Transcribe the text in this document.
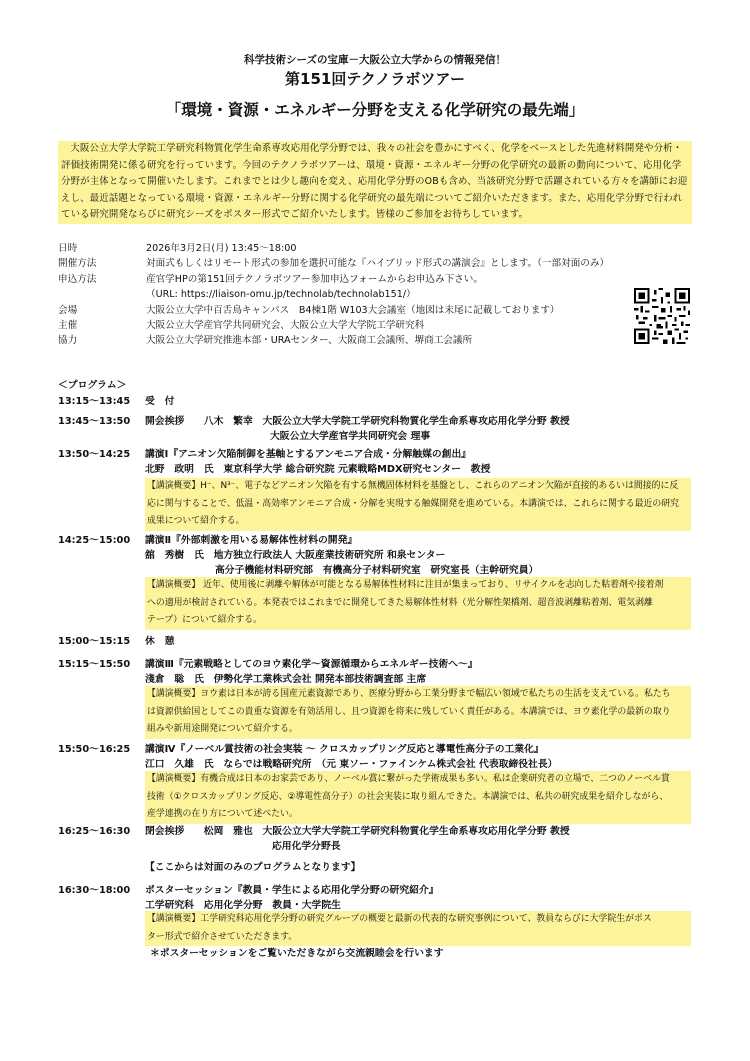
科学技術シーズの宝庫－大阪公立大学からの情報発信！
第151回テクノラボツアー
「環境・資源・エネルギー分野を支える化学研究の最先端」
大阪公立大学大学院工学研究科物質化学生命系専攻応用化学分野では、我々の社会を豊かにすべく、化学をベースとした先進材料開発や分析・評価技術開発に係る研究を行っています。今回のテクノラボツアーは、環境・資源・エネルギー分野の化学研究の最新の動向について、応用化学分野が主体となって開催いたします。これまでとは少し趣向を変え、応用化学分野のOBも含め、当該研究分野で活躍されている方々を講師にお迎えし、最近話題となっている環境・資源・エネルギー分野に関する化学研究の最先端についてご紹介いただきます。また、応用化学分野で行われている研究開発ならびに研究シーズをポスター形式でご紹介いたします。皆様のご参加をお待ちしています。
日時	2026年3月2日(月) 13:45～18:00
開催方法	対面式もしくはリモート形式の参加を選択可能な『ハイブリッド形式の講演会』とします。（一部対面のみ）
申込方法	産官学HPの第151回テクノラボツアー参加申込フォームからお申込み下さい。
（URL: https://liaison-omu.jp/technolab/technolab151/）
会場	大阪公立大学中百舌鳥キャンパス　B4棟1階 W103大会議室（地図は末尾に記載しております）
主催	大阪公立大学産官学共同研究会、大阪公立大学大学院工学研究科
協力	大阪公立大学研究推進本部・URAセンター、大阪商工会議所、堺商工会議所
＜プログラム＞
13:15～13:45 受　付
13:45～13:50 開会挨拶　　八木　繁幸　大阪公立大学大学院工学研究科物質化学生命系専攻応用化学分野 教授
大阪公立大学産官学共同研究会 理事
13:50～14:25 講演Ⅰ『アニオン欠陥制御を基軸とするアンモニア合成・分解触媒の創出』
北野　政明　氏　東京科学大学 総合研究院 元素戦略MDX研究センター　教授
【講演概要】H⁻、N³⁻、電子などアニオン欠陥を有する無機固体材料を基盤とし、これらのアニオン欠陥が直接的あるいは間接的に反
応に関与することで、低温・高効率アンモニア合成・分解を実現する触媒開発を進めている。本講演では、これらに関する最近の研究
成果について紹介する。
14:25～15:00 講演Ⅱ『外部刺激を用いる易解体性材料の開発』
舘　秀樹　氏　地方独立行政法人 大阪産業技術研究所 和泉センター
高分子機能材料研究部　有機高分子材料研究室　研究室長（主幹研究員）
【講演概要】 近年、使用後に剥離や解体が可能となる易解体性材料に注目が集まっており、リサイクルを志向した粘着剤や接着剤
への適用が検討されている。本発表ではこれまでに開発してきた易解体性材料（光分解性架橋剤、超音波剥離粘着剤、電気剥離
テープ）について紹介する。
15:00～15:15 休　憩
15:15～15:50 講演Ⅲ『元素戦略としてのヨウ素化学～資源循環からエネルギー技術へ～』
淺倉　聡　氏　伊勢化学工業株式会社 開発本部技術調査部 主席
【講演概要】ヨウ素は日本が誇る国産元素資源であり、医療分野から工業分野まで幅広い領域で私たちの生活を支えている。私たち
は資源供給国としてこの貴重な資源を有効活用し、且つ資源を将来に残していく責任がある。本講演では、ヨウ素化学の最新の取り
組みや新用途開発について紹介する。
15:50～16:25 講演Ⅳ『ノーベル賞技術の社会実装 ～ クロスカップリング反応と導電性高分子の工業化』
江口　久雄　氏　ならでは戦略研究所　（元 東ソー・ファインケム株式会社 代表取締役社長）
【講演概要】有機合成は日本のお家芸であり、ノーベル賞に繋がった学術成果も多い。私は企業研究者の立場で、二つのノーベル賞
技術（①クロスカップリング反応、②導電性高分子）の社会実装に取り組んできた。本講演では、私共の研究成果を紹介しながら、
産学連携の在り方について述べたい。
16:25～16:30 閉会挨拶　　松岡　雅也　大阪公立大学大学院工学研究科物質化学生命系専攻応用化学分野 教授
応用化学分野長
【ここからは対面のみのプログラムとなります】
16:30～18:00 ポスターセッション『教員・学生による応用化学分野の研究紹介』
工学研究科　応用化学分野　教員・大学院生
【講演概要】工学研究科応用化学分野の研究グループの概要と最新の代表的な研究事例について、教員ならびに大学院生がポス
ター形式で紹介させていただきます。
＊ポスターセッションをご覧いただきながら交流親睦会を行います
